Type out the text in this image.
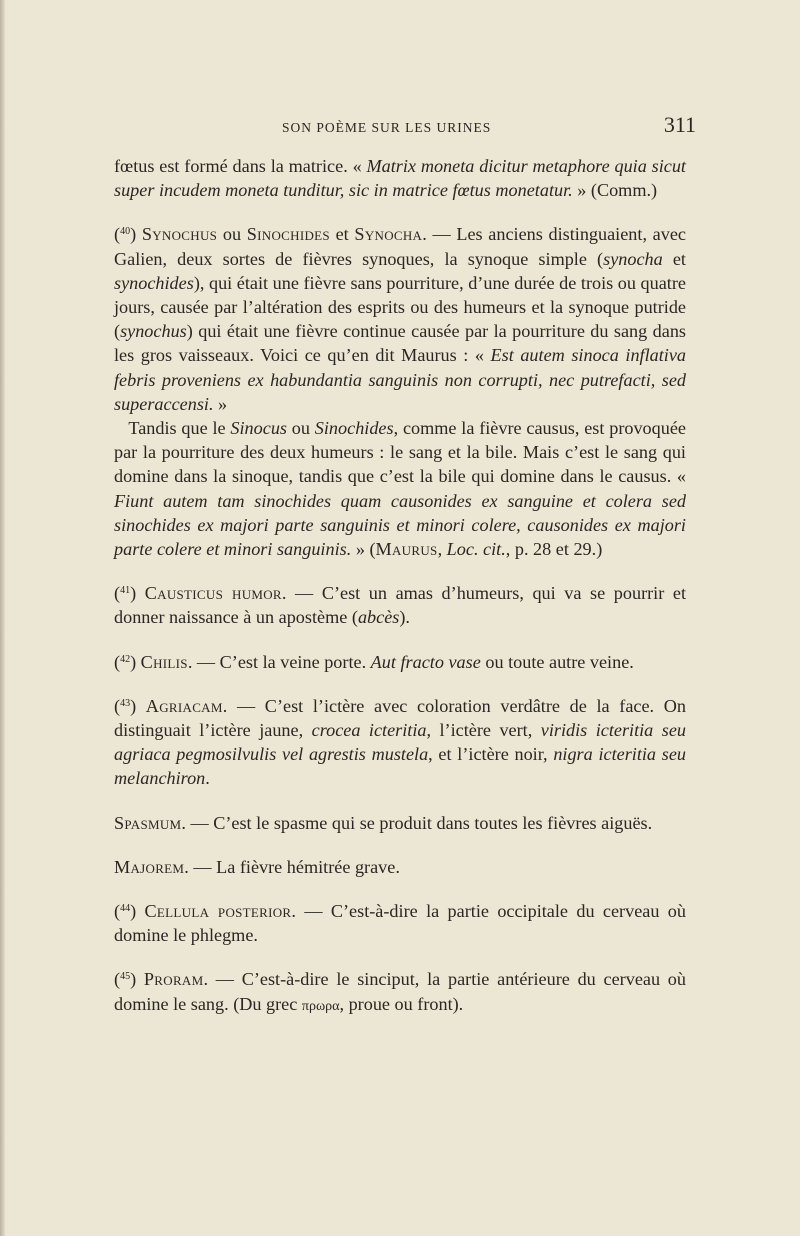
SON POÈME SUR LES URINES	311

fœtus est formé dans la matrice. « Matrix moneta dicitur metaphore quia sicut super incudem moneta tunditur, sic in matrice fœtus monetatur. » (Comm.)

($^{40}$) Synochus ou Sinochides et Synocha. — Les anciens distinguaient, avec Galien, deux sortes de fièvres synoques, la synoque simple (synocha et synochides), qui était une fièvre sans pourriture, d’une durée de trois ou quatre jours, causée par l’altération des esprits ou des humeurs et la synoque putride (synochus) qui était une fièvre continue causée par la pourriture du sang dans les gros vaisseaux. Voici ce qu’en dit Maurus : « Est autem sinoca inflativa febris proveniens ex habundantia sanguinis non corrupti, nec putrefacti, sed superaccensi. »

Tandis que le Sinocus ou Sinochides, comme la fièvre causus, est provoquée par la pourriture des deux humeurs : le sang et la bile. Mais c’est le sang qui domine dans la sinoque, tandis que c’est la bile qui domine dans le causus. « Fiunt autem tam sinochides quam causonides ex sanguine et colera sed sinochides ex majori parte sanguinis et minori colere, causonides ex majori parte colere et minori sanguinis. » (Maurus, Loc. cit., p. 28 et 29.)

($^{41}$) Causticus humor. — C’est un amas d’humeurs, qui va se pourrir et donner naissance à un apostème (abcès).

($^{42}$) Chilis. — C’est la veine porte. Aut fracto vase ou toute autre veine.

($^{43}$) Agriacam. — C’est l’ictère avec coloration verdâtre de la face. On distinguait l’ictère jaune, crocea icteritia, l’ictère vert, viridis icteritia seu agriaca pegmosilvulis vel agrestis mustela, et l’ictère noir, nigra icteritia seu melanchiron.

Spasmum. — C’est le spasme qui se produit dans toutes les fièvres aiguës.

Majorem. — La fièvre hémitrée grave.

($^{44}$) Cellula posterior. — C’est-à-dire la partie occipitale du cerveau où domine le phlegme.

($^{45}$) Proram. — C’est-à-dire le sinciput, la partie antérieure du cerveau où domine le sang. (Du grec πρωρα, proue ou front).
